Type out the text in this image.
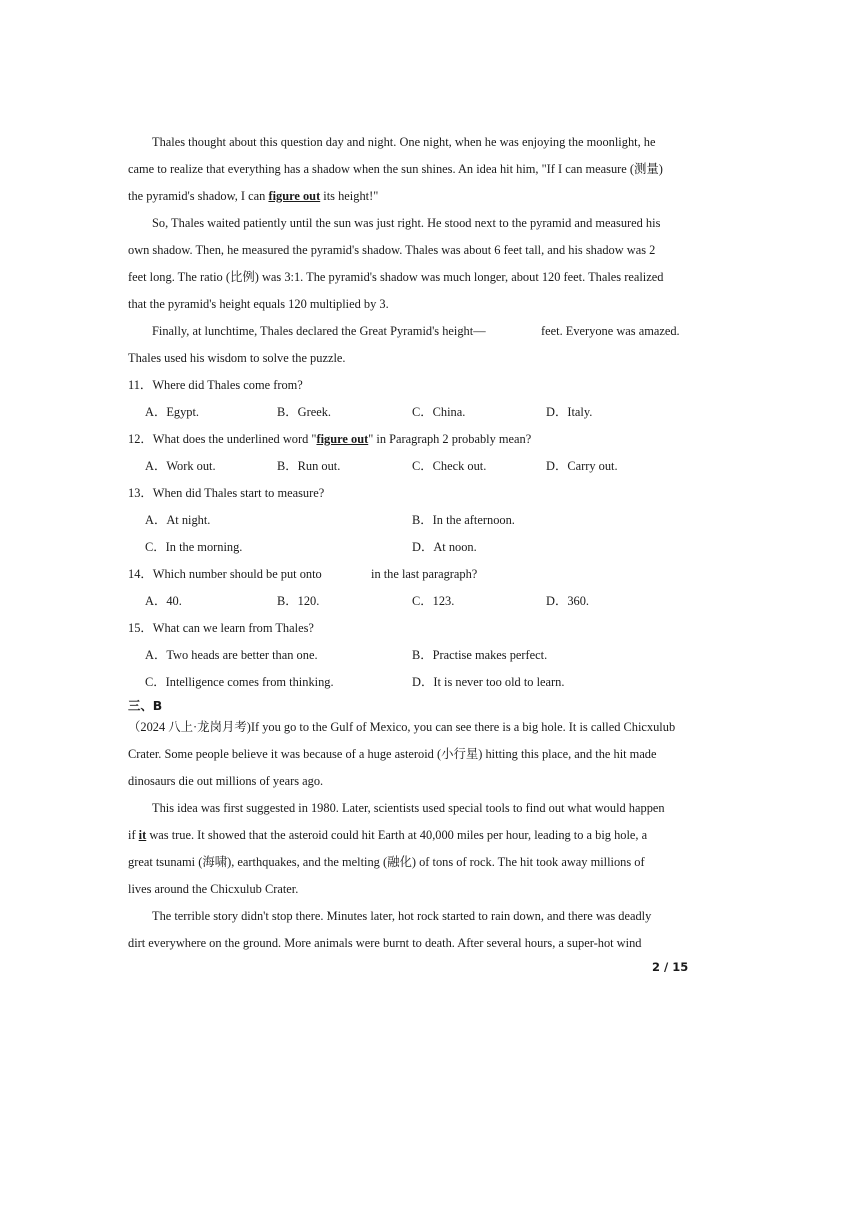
Thales thought about this question day and night. One night, when he was enjoying the moonlight, he
came to realize that everything has a shadow when the sun shines. An idea hit him, "If I can measure (测量)
the pyramid's shadow, I can figure out its height!"
So, Thales waited patiently until the sun was just right. He stood next to the pyramid and measured his
own shadow. Then, he measured the pyramid's shadow. Thales was about 6 feet tall, and his shadow was 2
feet long. The ratio (比例) was 3:1. The pyramid's shadow was much longer, about 120 feet. Thales realized
that the pyramid's height equals 120 multiplied by 3.
Finally, at lunchtime, Thales declared the Great Pyramid's height—	feet. Everyone was amazed.
Thales used his wisdom to solve the puzzle.
11．Where did Thales come from?
A．Egypt.	B．Greek.	C．China.	D．Italy.
12．What does the underlined word "figure out" in Paragraph 2 probably mean?
A．Work out.	B．Run out.	C．Check out.	D．Carry out.
13．When did Thales start to measure?
A．At night.	B．In the afternoon.
C．In the morning.	D．At noon.
14．Which number should be put onto	in the last paragraph?
A．40.	B．120.	C．123.	D．360.
15．What can we learn from Thales?
A．Two heads are better than one.	B．Practise makes perfect.
C．Intelligence comes from thinking.	D．It is never too old to learn.
三、B
（2024 八上·龙岗月考)If you go to the Gulf of Mexico, you can see there is a big hole. It is called Chicxulub
Crater. Some people believe it was because of a huge asteroid (小行星) hitting this place, and the hit made
dinosaurs die out millions of years ago.
This idea was first suggested in 1980. Later, scientists used special tools to find out what would happen
if it was true. It showed that the asteroid could hit Earth at 40,000 miles per hour, leading to a big hole, a
great tsunami (海啸), earthquakes, and the melting (融化) of tons of rock. The hit took away millions of
lives around the Chicxulub Crater.
The terrible story didn't stop there. Minutes later, hot rock started to rain down, and there was deadly
dirt everywhere on the ground. More animals were burnt to death. After several hours, a super-hot wind
2 / 15
